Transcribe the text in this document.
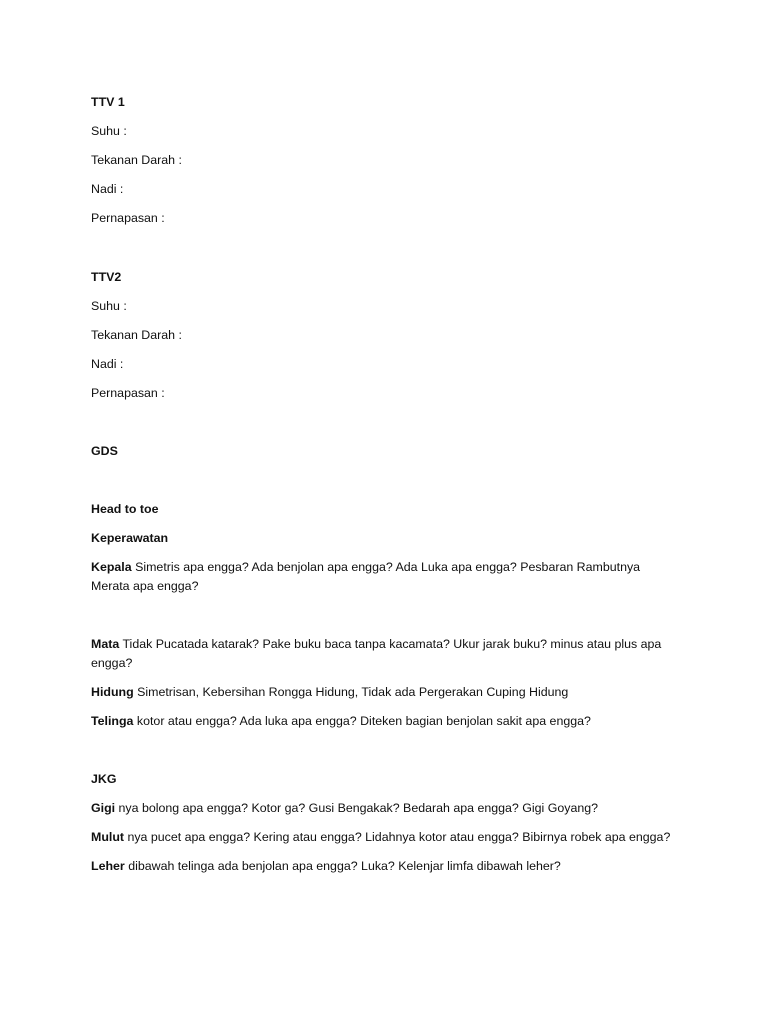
TTV 1
Suhu :
Tekanan Darah :
Nadi :
Pernapasan :
TTV2
Suhu :
Tekanan Darah :
Nadi :
Pernapasan :
GDS
Head to toe
Keperawatan
Kepala Simetris apa engga? Ada benjolan apa engga? Ada Luka apa engga? Pesbaran Rambutnya Merata apa engga?
Mata Tidak Pucatada katarak? Pake buku baca tanpa kacamata? Ukur jarak buku? minus atau plus apa engga?
Hidung Simetrisan, Kebersihan Rongga Hidung, Tidak ada Pergerakan Cuping Hidung
Telinga kotor atau engga? Ada luka apa engga? Diteken bagian benjolan sakit apa engga?
JKG
Gigi nya bolong apa engga? Kotor ga? Gusi Bengakak? Bedarah apa engga? Gigi Goyang?
Mulut nya pucet apa engga? Kering atau engga? Lidahnya kotor atau engga? Bibirnya robek apa engga?
Leher dibawah telinga ada benjolan apa engga? Luka? Kelenjar limfa dibawah leher?
